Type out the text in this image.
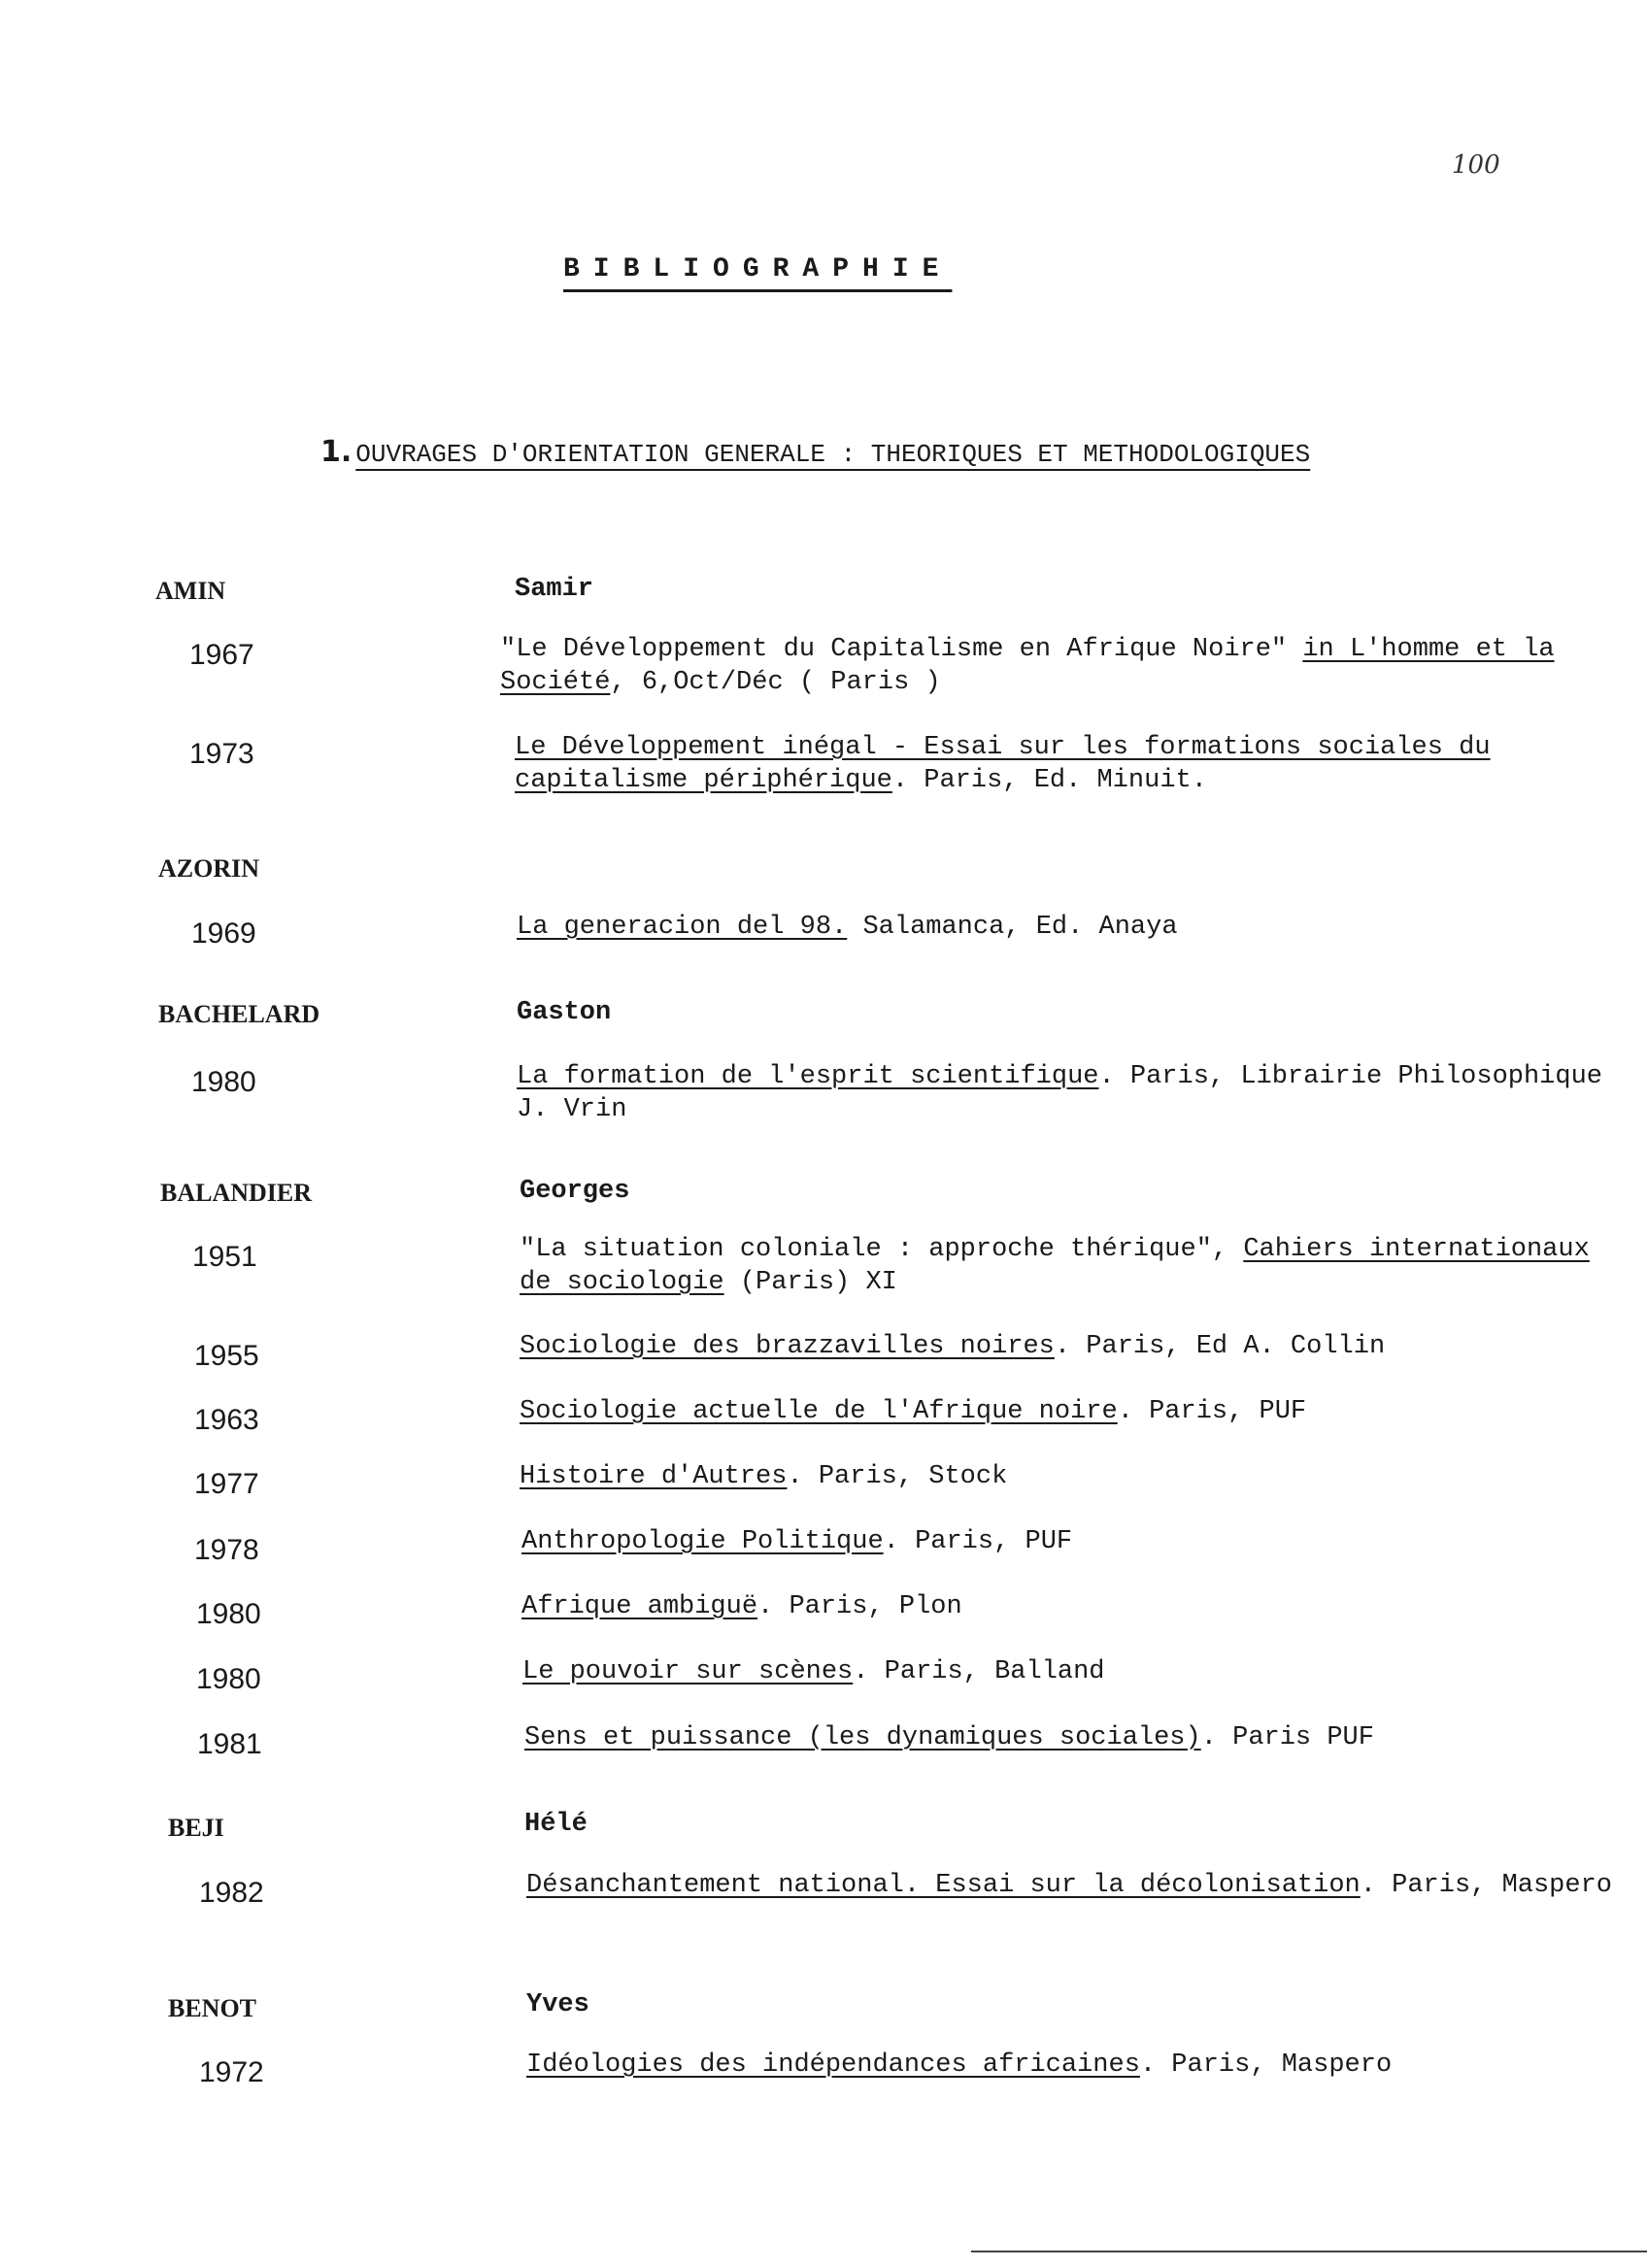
100
BIBLIOGRAPHIE
1. OUVRAGES D'ORIENTATION GENERALE : THEORIQUES ET METHODOLOGIQUES
AMIN	Samir
1967	"Le Développement du Capitalisme en Afrique Noire" in L'homme et la Société, 6,Oct/Déc ( Paris )
1973	Le Développement inégal - Essai sur les formations sociales du capitalisme périphérique. Paris, Ed. Minuit.
AZORIN
1969	La generacion del 98. Salamanca, Ed. Anaya
BACHELARD	Gaston
1980	La formation de l'esprit scientifique. Paris, Librairie Philosophique J. Vrin
BALANDIER	Georges
1951	"La situation coloniale : approche thérique", Cahiers internationaux de sociologie (Paris) XI
1955	Sociologie des brazzavilles noires. Paris, Ed A. Collin
1963	Sociologie actuelle de l'Afrique noire. Paris, PUF
1977	Histoire d'Autres. Paris, Stock
1978	Anthropologie Politique. Paris, PUF
1980	Afrique ambiguë. Paris, Plon
1980	Le pouvoir sur scènes. Paris, Balland
1981	Sens et puissance (les dynamiques sociales). Paris PUF
BEJI	Hélé
1982	Désanchantement national. Essai sur la décolonisation. Paris, Maspero
BENOT	Yves
1972	Idéologies des indépendances africaines. Paris, Maspero
